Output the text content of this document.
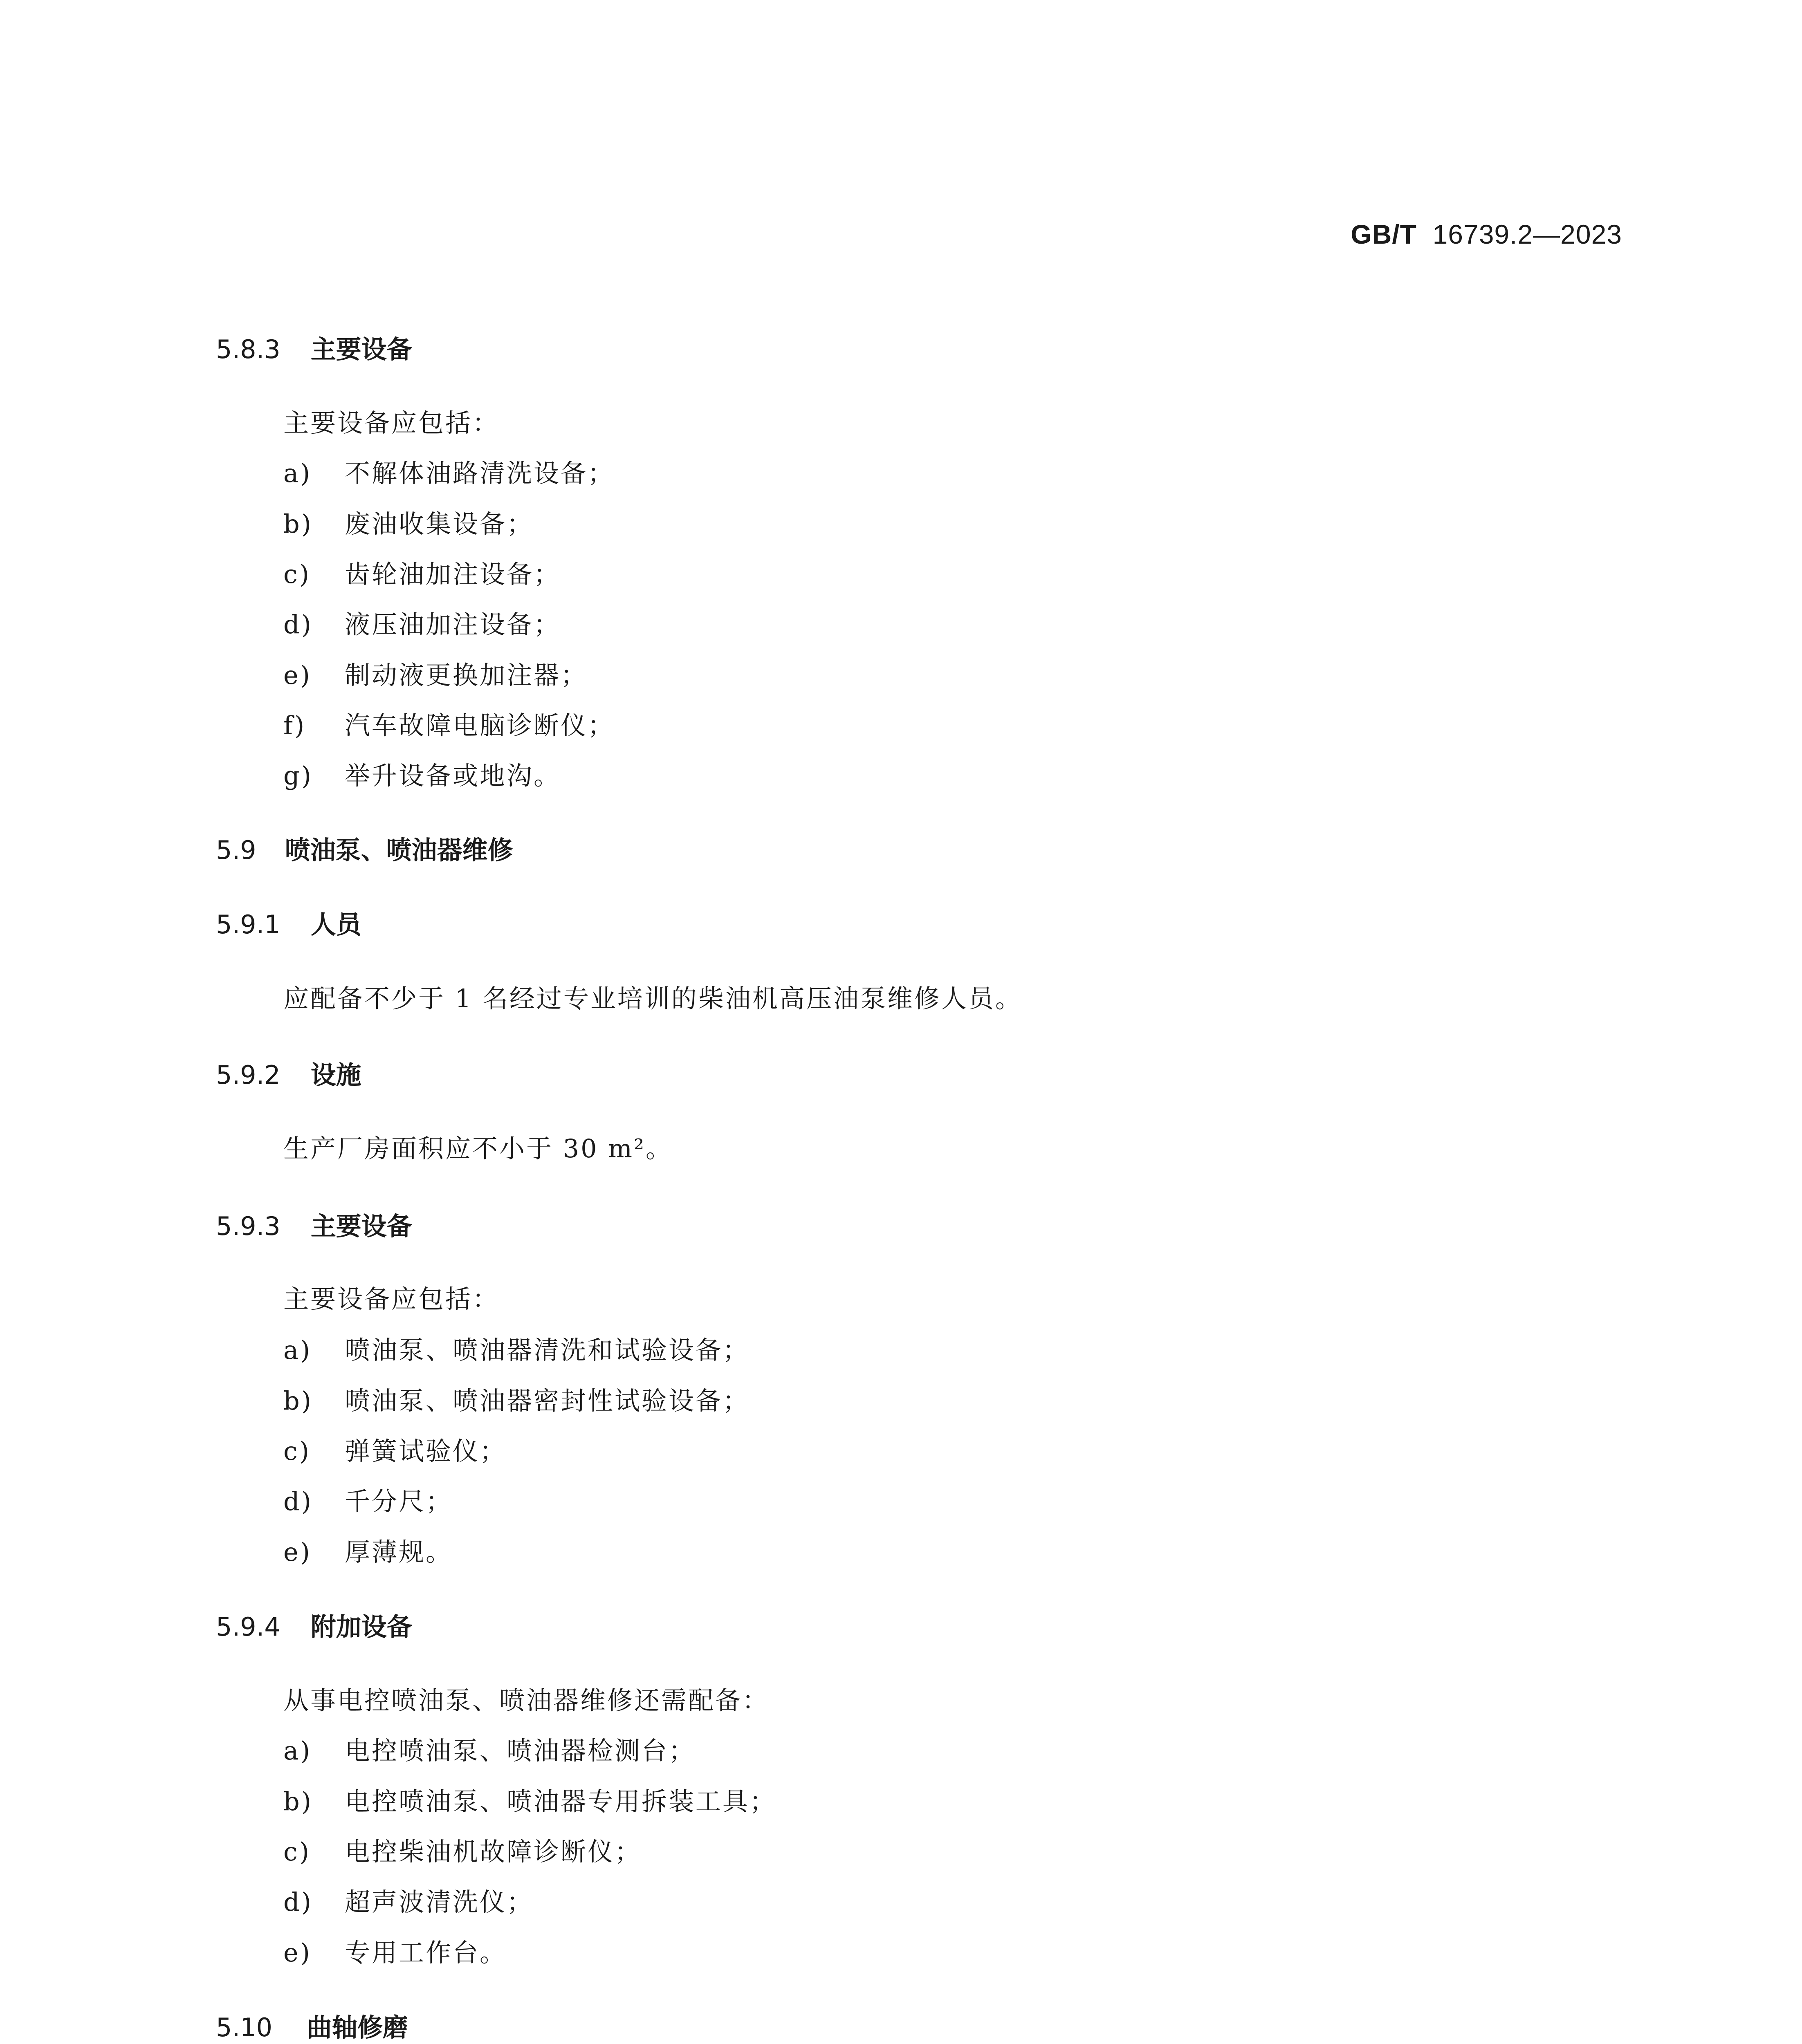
GB/T 16739.2—2023
5.8.3 主要设备
主要设备应包括：
a) 不解体油路清洗设备；
b) 废油收集设备；
c) 齿轮油加注设备；
d) 液压油加注设备；
e) 制动液更换加注器；
f) 汽车故障电脑诊断仪；
g) 举升设备或地沟。
5.9 喷油泵、喷油器维修
5.9.1 人员
应配备不少于 1 名经过专业培训的柴油机高压油泵维修人员。
5.9.2 设施
生产厂房面积应不小于 30 m²。
5.9.3 主要设备
主要设备应包括：
a) 喷油泵、喷油器清洗和试验设备；
b) 喷油泵、喷油器密封性试验设备；
c) 弹簧试验仪；
d) 千分尺；
e) 厚薄规。
5.9.4 附加设备
从事电控喷油泵、喷油器维修还需配备：
a) 电控喷油泵、喷油器检测台；
b) 电控喷油泵、喷油器专用拆装工具；
c) 电控柴油机故障诊断仪；
d) 超声波清洗仪；
e) 专用工作台。
5.10 曲轴修磨
